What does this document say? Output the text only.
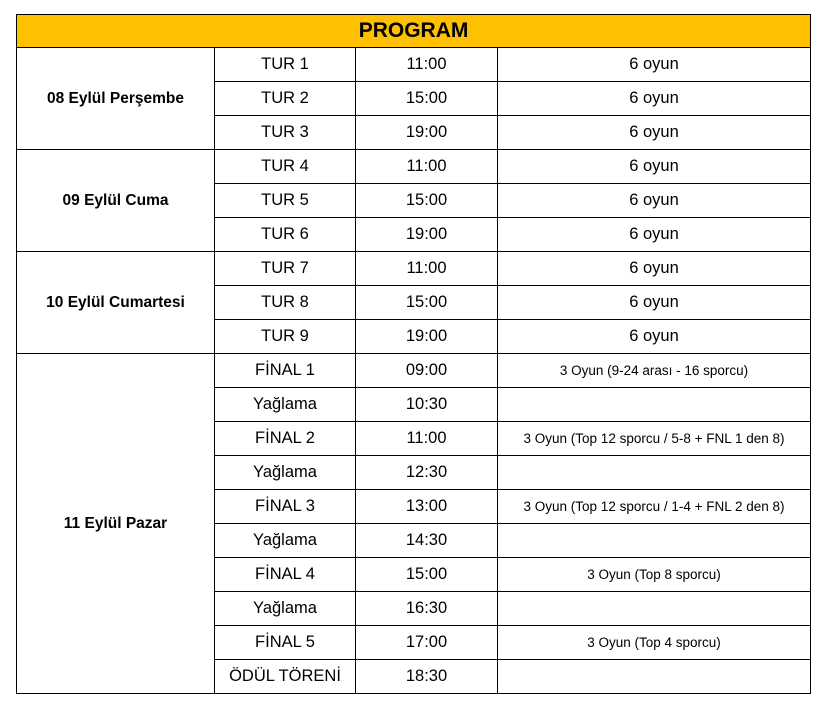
PROGRAM			
08 Eylül Perşembe	TUR 1	11:00	6 oyun
	TUR 2	15:00	6 oyun
	TUR 3	19:00	6 oyun
09 Eylül Cuma	TUR 4	11:00	6 oyun
	TUR 5	15:00	6 oyun
	TUR 6	19:00	6 oyun
10 Eylül Cumartesi	TUR 7	11:00	6 oyun
	TUR 8	15:00	6 oyun
	TUR 9	19:00	6 oyun
11 Eylül Pazar	FİNAL 1	09:00	3 Oyun (9-24 arası - 16 sporcu)
	Yağlama	10:30	
	FİNAL 2	11:00	3 Oyun (Top 12 sporcu / 5-8 + FNL 1 den 8)
	Yağlama	12:30	
	FİNAL 3	13:00	3 Oyun (Top 12 sporcu / 1-4 + FNL 2 den 8)
	Yağlama	14:30	
	FİNAL 4	15:00	3 Oyun (Top 8 sporcu)
	Yağlama	16:30	
	FİNAL 5	17:00	3 Oyun (Top 4 sporcu)
	ÖDÜL TÖRENİ	18:30	
